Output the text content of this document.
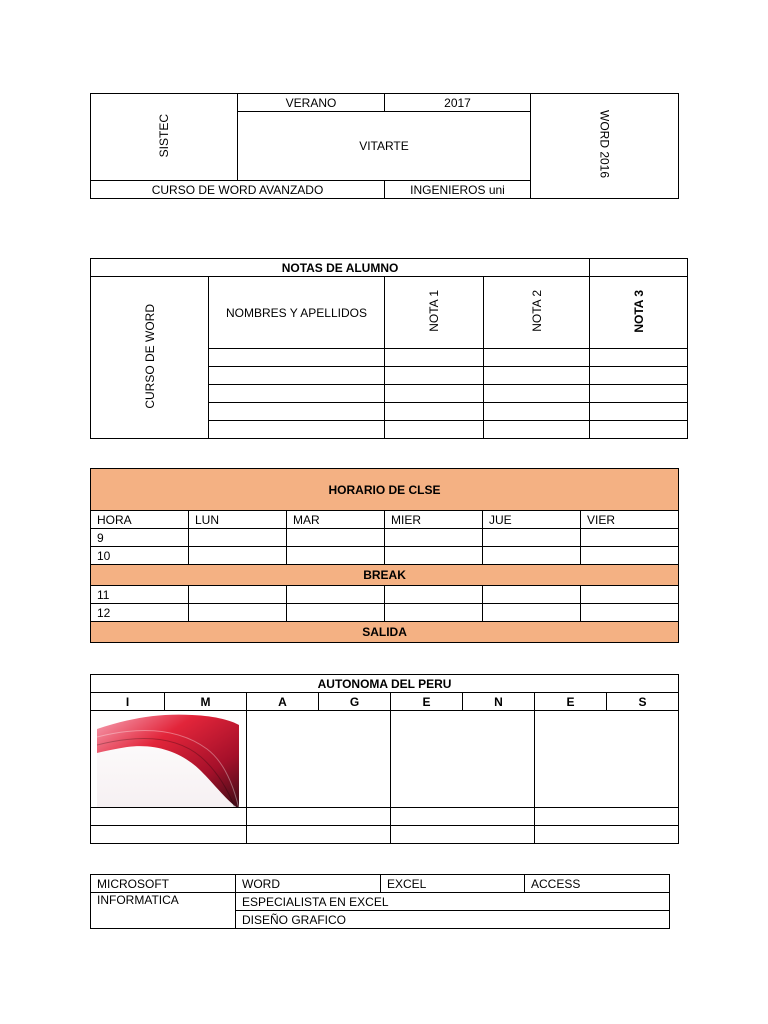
SISTEC	VERANO	2017	WORD 2016
	VITARTE		
CURSO DE WORD AVANZADO		INGENIEROS uni	
NOTAS DE ALUMNO				
CURSO DE WORD	NOMBRES Y APELLIDOS	NOTA 1	NOTA 2	NOTA 3

HORARIO DE CLSE					
HORA	LUN	MAR	MIER	JUE	VIER
9					
10					
BREAK					
11					
12					
SALIDA					
AUTONOMA DEL PERU							
I	M	A	G	E	N	E	S

MICROSOFT	WORD	EXCEL	ACCESS
INFORMATICA	ESPECIALISTA EN EXCEL		
	DISEÑO GRAFICO		
